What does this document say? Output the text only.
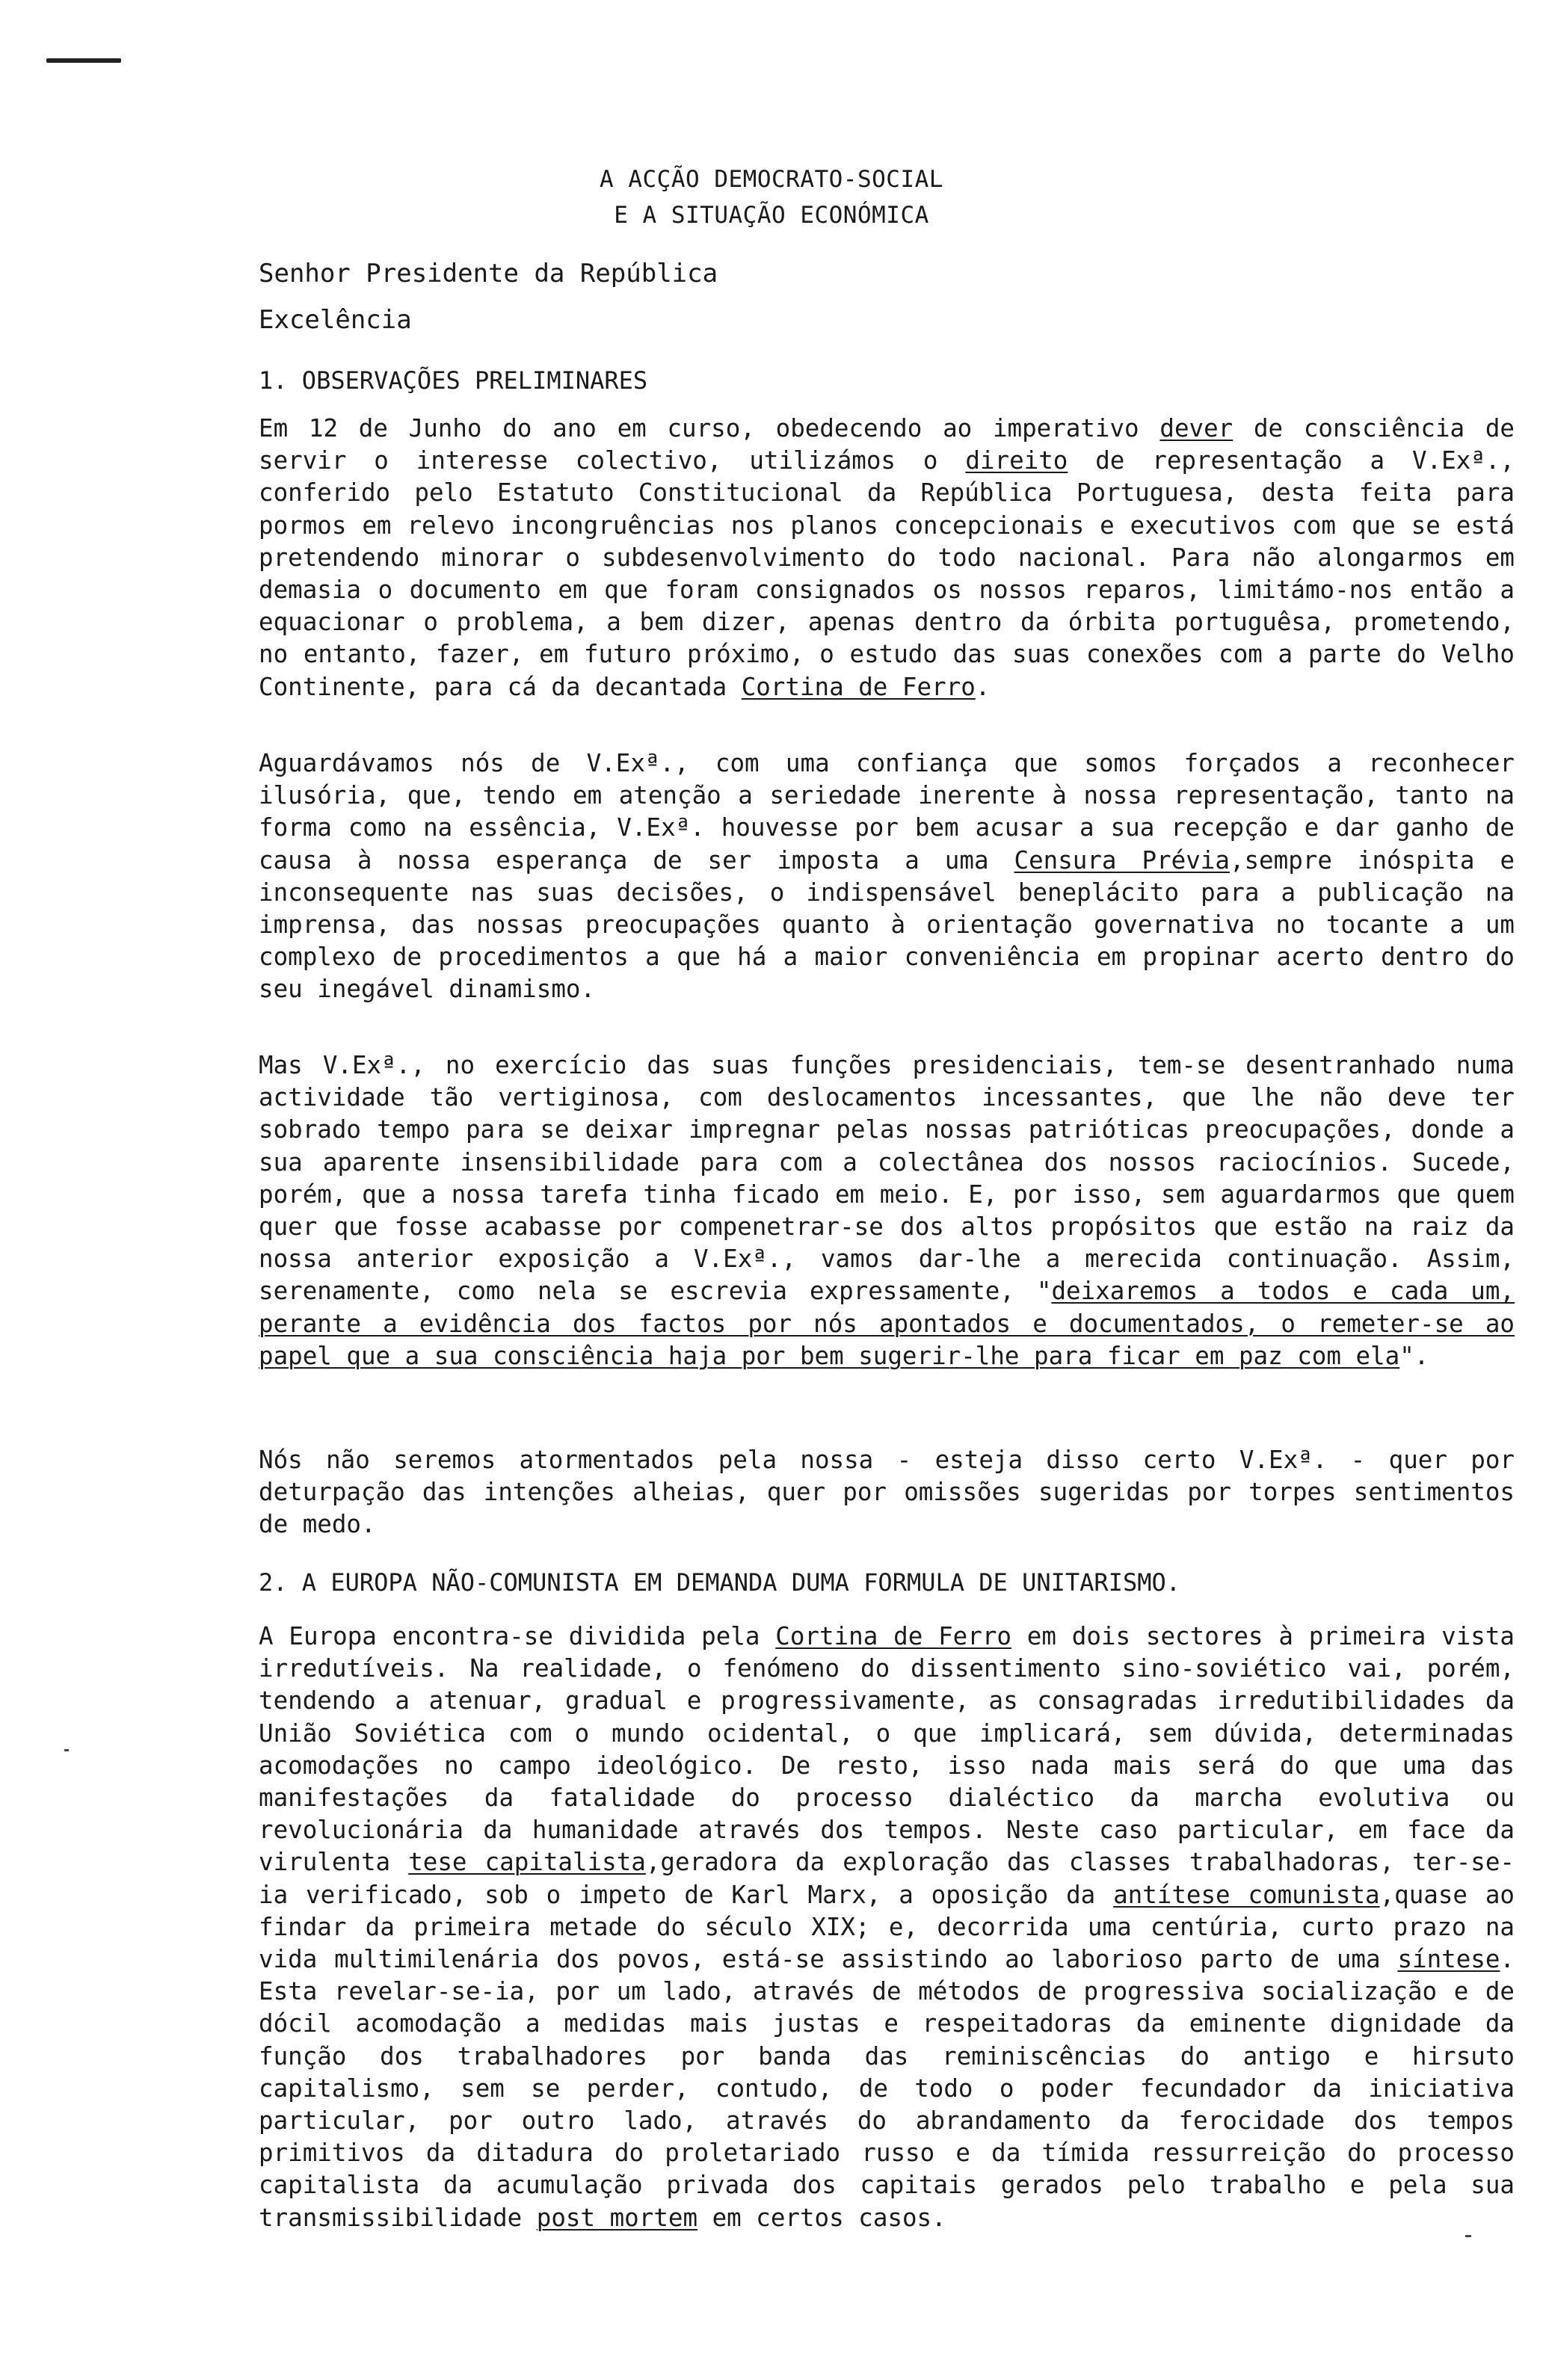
A ACÇÃO DEMOCRATO-SOCIAL
E A SITUAÇÃO ECONÓMICA
Senhor Presidente da República
Excelência
1. OBSERVAÇÕES PRELIMINARES
Em 12 de Junho do ano em curso, obedecendo ao imperativo dever de consciência de servir o interesse colectivo, utilizámos o direito de representação a V.Exª., conferido pelo Estatuto Constitucional da República Portuguesa, desta feita para pormos em relevo incongruências nos planos concepcionais e executivos com que se está pretendendo minorar o subdesenvolvimento do todo nacional. Para não alongarmos em demasia o documento em que foram consignados os nossos reparos, limitámo-nos então a equacionar o problema, a bem dizer, apenas dentro da órbita portuguêsa, prometendo, no entanto, fazer, em futuro próximo, o estudo das suas conexões com a parte do Velho Continente, para cá da decantada Cortina de Ferro.
Aguardávamos nós de V.Exª., com uma confiança que somos forçados a reconhecer ilusória, que, tendo em atenção a seriedade inerente à nossa representação, tanto na forma como na essência, V.Exª. houvesse por bem acusar a sua recepção e dar ganho de causa à nossa esperança de ser imposta a uma Censura Prévia,sempre inóspita e inconsequente nas suas decisões, o indispensável beneplácito para a publicação na imprensa, das nossas preocupações quanto à orientação governativa no tocante a um complexo de procedimentos a que há a maior conveniência em propinar acerto dentro do seu inegável dinamismo.
Mas V.Exª., no exercício das suas funções presidenciais, tem-se desentranhado numa actividade tão vertiginosa, com deslocamentos incessantes, que lhe não deve ter sobrado tempo para se deixar impregnar pelas nossas patrióticas preocupações, donde a sua aparente insensibilidade para com a colectânea dos nossos raciocínios. Sucede, porém, que a nossa tarefa tinha ficado em meio. E, por isso, sem aguardarmos que quem quer que fosse acabasse por compenetrar-se dos altos propósitos que estão na raiz da nossa anterior exposição a V.Exª., vamos dar-lhe a merecida continuação. Assim, serenamente, como nela se escrevia expressamente, "deixaremos a todos e cada um, perante a evidência dos factos por nós apontados e documentados, o remeter-se ao papel que a sua consciência haja por bem sugerir-lhe para ficar em paz com ela".
Nós não seremos atormentados pela nossa - esteja disso certo V.Exª. - quer por deturpação das intenções alheias, quer por omissões sugeridas por torpes sentimentos de medo.
2. A EUROPA NÃO-COMUNISTA EM DEMANDA DUMA FORMULA DE UNITARISMO.
A Europa encontra-se dividida pela Cortina de Ferro em dois sectores à primeira vista irredutíveis. Na realidade, o fenómeno do dissentimento sino-soviético vai, porém, tendendo a atenuar, gradual e progressivamente, as consagradas irredutibilidades da União Soviética com o mundo ocidental, o que implicará, sem dúvida, determinadas acomodações no campo ideológico. De resto, isso nada mais será do que uma das manifestações da fatalidade do processo dialéctico da marcha evolutiva ou revolucionária da humanidade através dos tempos. Neste caso particular, em face da virulenta tese capitalista,geradora da exploração das classes trabalhadoras, ter-se-ia verificado, sob o impeto de Karl Marx, a oposição da antítese comunista,quase ao findar da primeira metade do século XIX; e, decorrida uma centúria, curto prazo na vida multimilenária dos povos, está-se assistindo ao laborioso parto de uma síntese. Esta revelar-se-ia, por um lado, através de métodos de progressiva socialização e de dócil acomodação a medidas mais justas e respeitadoras da eminente dignidade da função dos trabalhadores por banda das reminiscências do antigo e hirsuto capitalismo, sem se perder, contudo, de todo o poder fecundador da iniciativa particular, por outro lado, através do abrandamento da ferocidade dos tempos primitivos da ditadura do proletariado russo e da tímida ressurreição do processo capitalista da acumulação privada dos capitais gerados pelo trabalho e pela sua transmissibilidade post mortem em certos casos.
